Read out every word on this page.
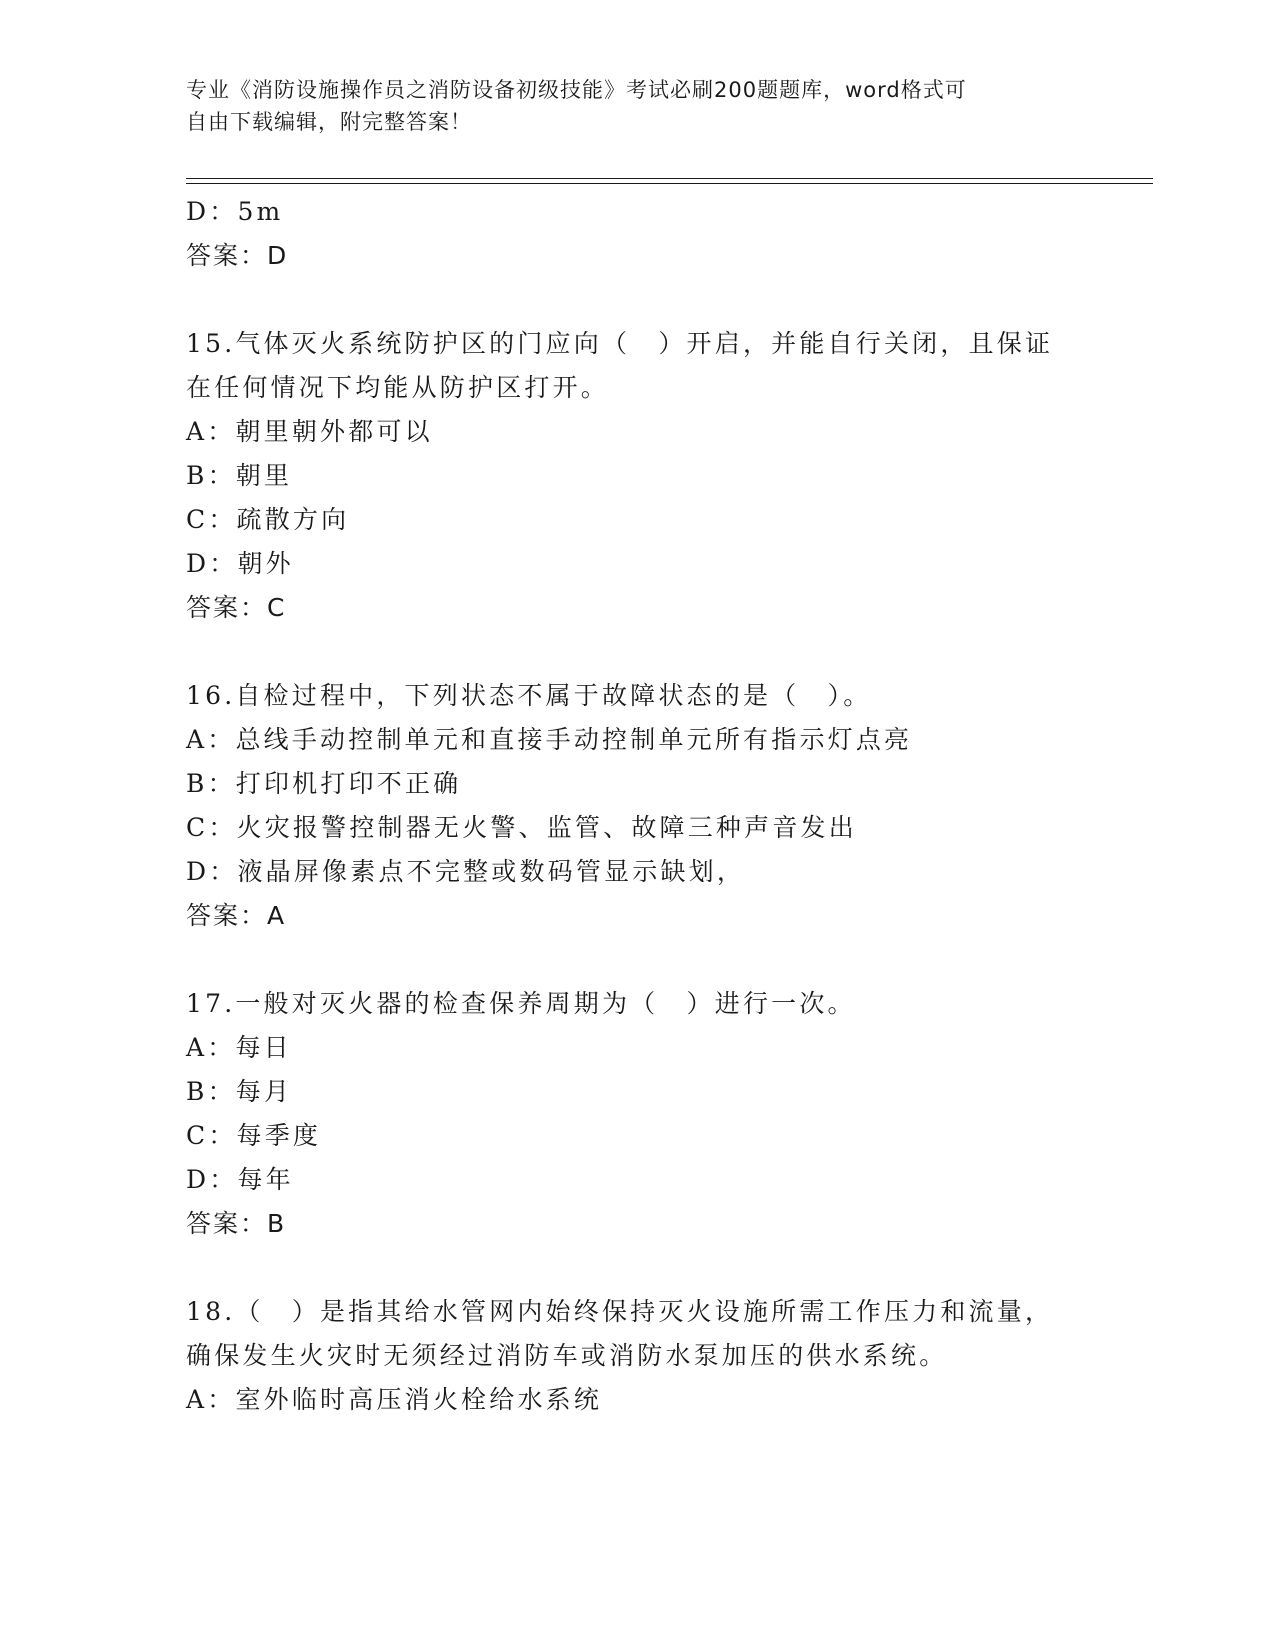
专业《消防设施操作员之消防设备初级技能》考试必刷200题题库，word格式可
自由下载编辑，附完整答案！
D：5m
答案：D
15.气体灭火系统防护区的门应向（　）开启，并能自行关闭，且保证
在任何情况下均能从防护区打开。
A：朝里朝外都可以
B：朝里
C：疏散方向
D：朝外
答案：C
16.自检过程中，下列状态不属于故障状态的是（　）。
A：总线手动控制单元和直接手动控制单元所有指示灯点亮
B：打印机打印不正确
C：火灾报警控制器无火警、监管、故障三种声音发出
D：液晶屏像素点不完整或数码管显示缺划，
答案：A
17.一般对灭火器的检查保养周期为（　）进行一次。
A：每日
B：每月
C：每季度
D：每年
答案：B
18.（　）是指其给水管网内始终保持灭火设施所需工作压力和流量，
确保发生火灾时无须经过消防车或消防水泵加压的供水系统。
A：室外临时高压消火栓给水系统
